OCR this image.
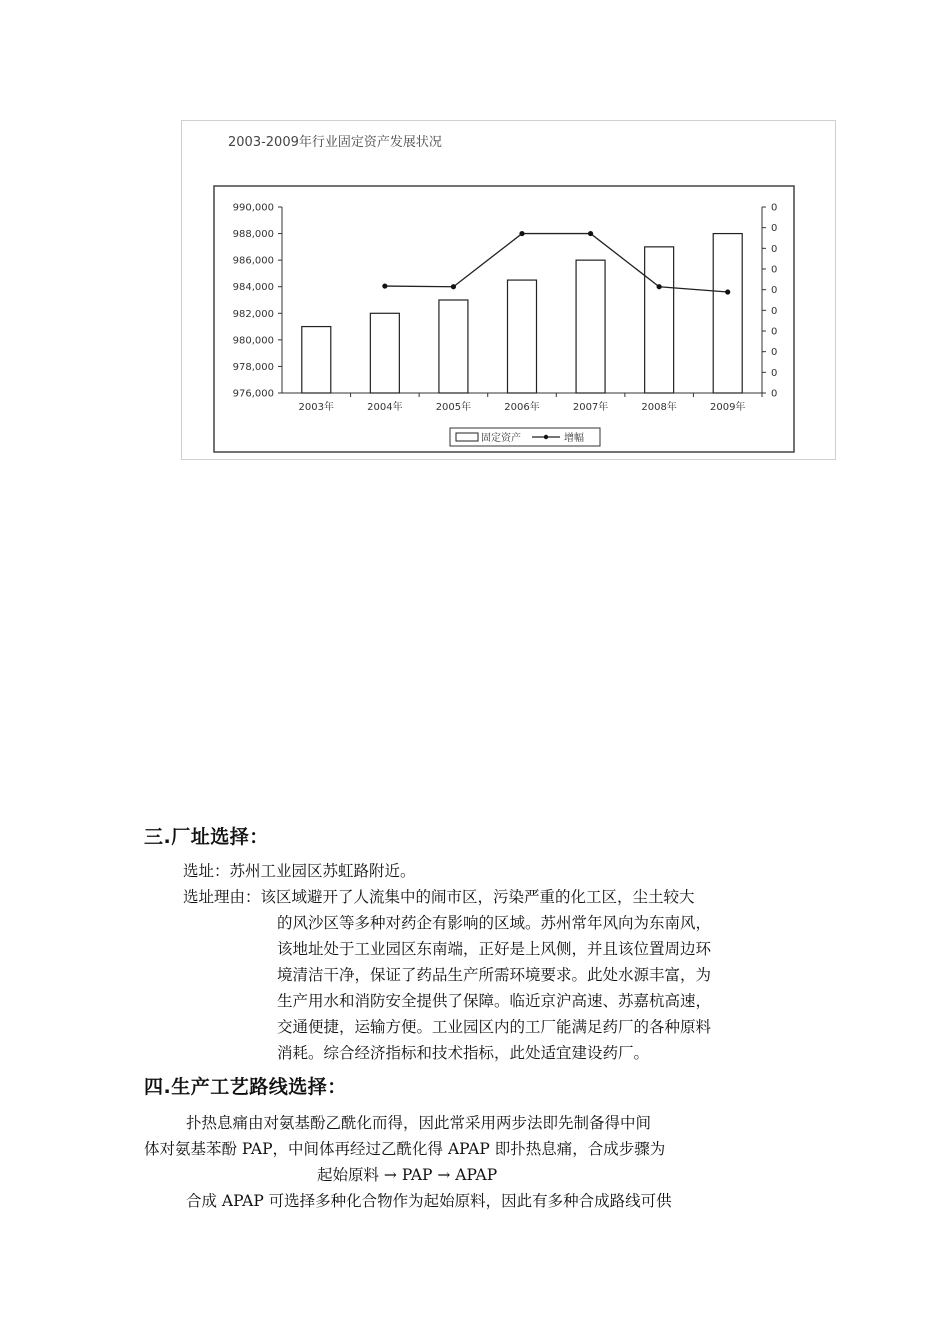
2003-2009年行业固定资产发展状况
990,000
988,000
986,000
984,000
982,000
980,000
978,000
976,000
0
0
0
0
0
0
0
0
0
0
2003年	2004年	2005年	2006年	2007年	2008年	2009年
固定资产	增幅
三.厂址选择：
选址：苏州工业园区苏虹路附近。
选址理由：该区域避开了人流集中的闹市区，污染严重的化工区，尘土较大
的风沙区等多种对药企有影响的区域。苏州常年风向为东南风，
该地址处于工业园区东南端，正好是上风侧，并且该位置周边环
境清洁干净，保证了药品生产所需环境要求。此处水源丰富，为
生产用水和消防安全提供了保障。临近京沪高速、苏嘉杭高速，
交通便捷，运输方便。工业园区内的工厂能满足药厂的各种原料
消耗。综合经济指标和技术指标，此处适宜建设药厂。
四.生产工艺路线选择：
扑热息痛由对氨基酚乙酰化而得，因此常采用两步法即先制备得中间
体对氨基苯酚 PAP，中间体再经过乙酰化得 APAP 即扑热息痛，合成步骤为
起始原料 → PAP → APAP
合成 APAP 可选择多种化合物作为起始原料，因此有多种合成路线可供
